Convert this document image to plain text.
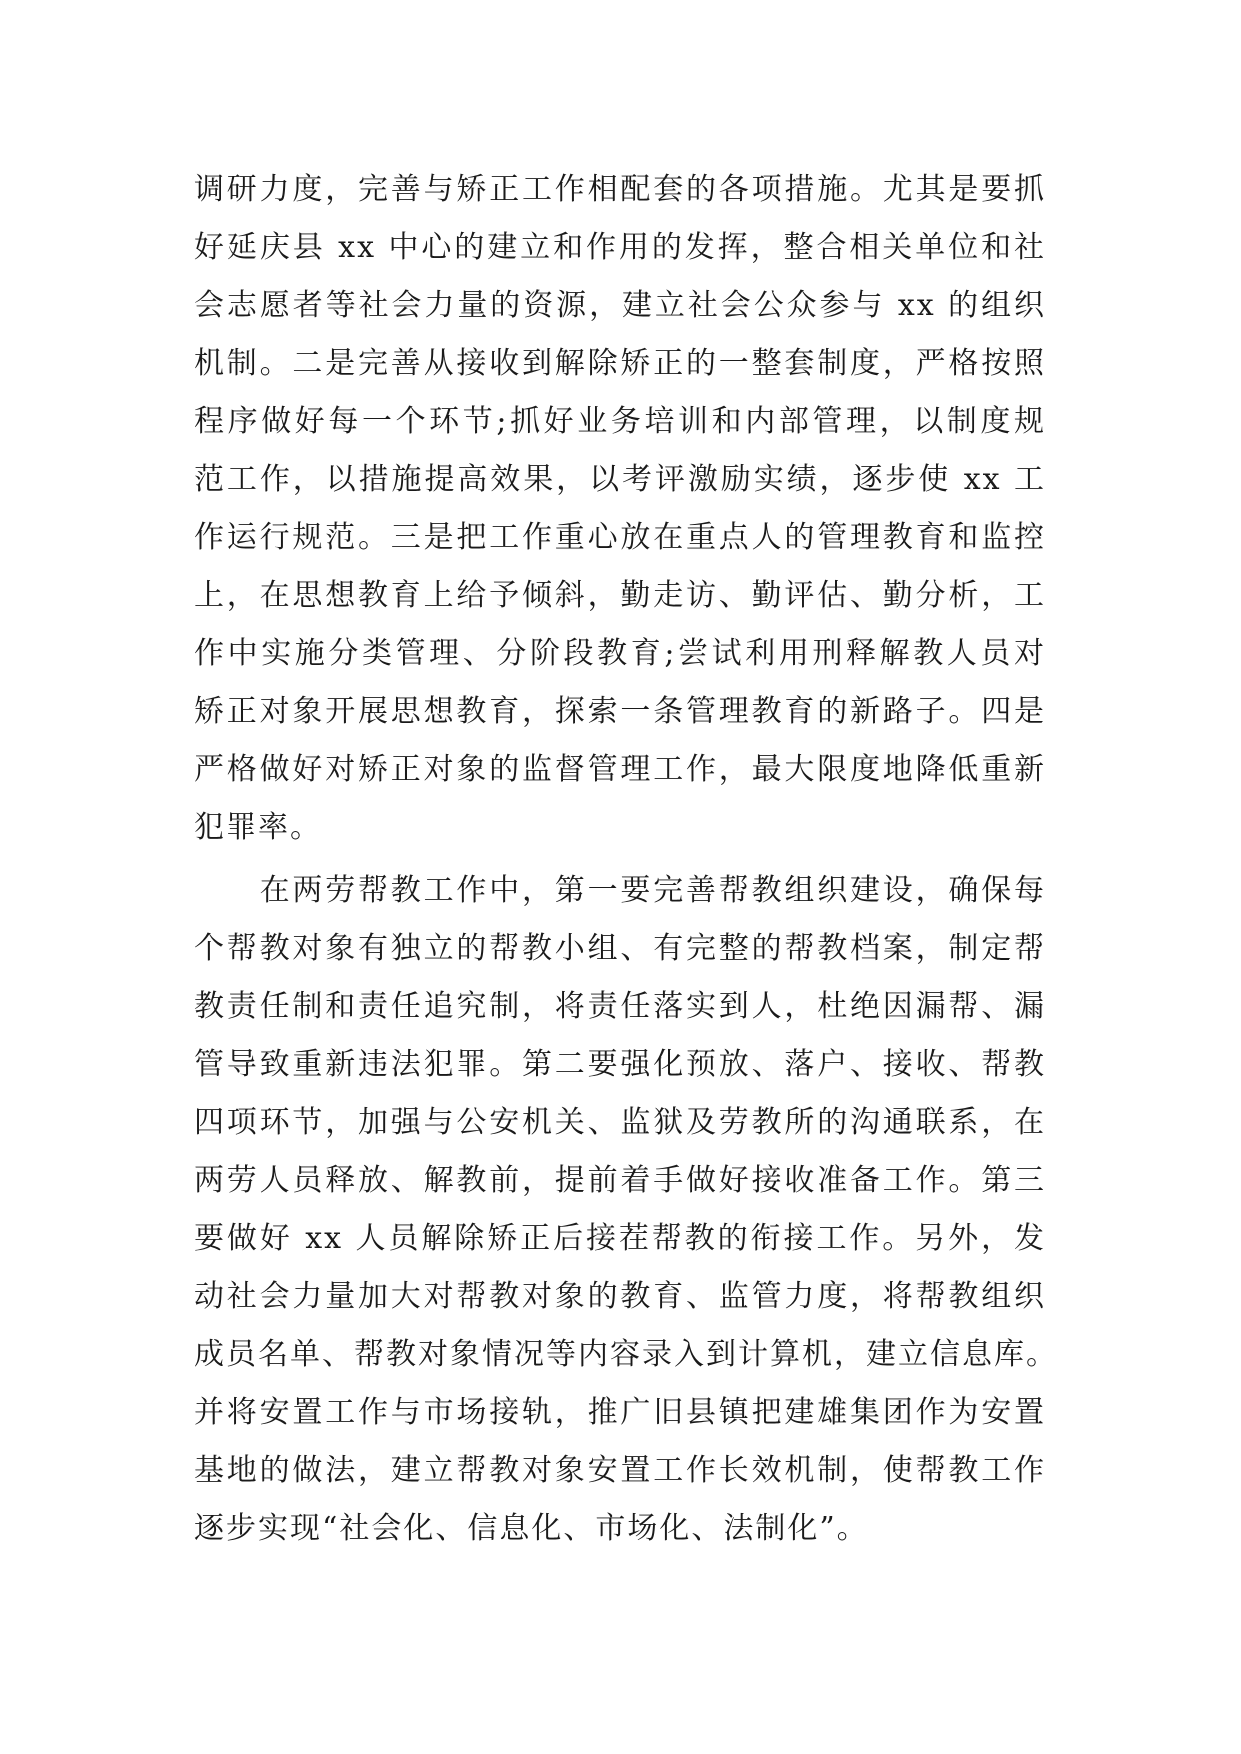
调研力度，完善与矫正工作相配套的各项措施。尤其是要抓
好延庆县 xx 中心的建立和作用的发挥，整合相关单位和社
会志愿者等社会力量的资源，建立社会公众参与 xx 的组织
机制。二是完善从接收到解除矫正的一整套制度，严格按照
程序做好每一个环节;抓好业务培训和内部管理，以制度规
范工作，以措施提高效果，以考评激励实绩，逐步使 xx 工
作运行规范。三是把工作重心放在重点人的管理教育和监控
上，在思想教育上给予倾斜，勤走访、勤评估、勤分析，工
作中实施分类管理、分阶段教育;尝试利用刑释解教人员对
矫正对象开展思想教育，探索一条管理教育的新路子。四是
严格做好对矫正对象的监督管理工作，最大限度地降低重新
犯罪率。
　　在两劳帮教工作中，第一要完善帮教组织建设，确保每
个帮教对象有独立的帮教小组、有完整的帮教档案，制定帮
教责任制和责任追究制，将责任落实到人，杜绝因漏帮、漏
管导致重新违法犯罪。第二要强化预放、落户、接收、帮教
四项环节，加强与公安机关、监狱及劳教所的沟通联系，在
两劳人员释放、解教前，提前着手做好接收准备工作。第三
要做好 xx 人员解除矫正后接茬帮教的衔接工作。另外，发
动社会力量加大对帮教对象的教育、监管力度，将帮教组织
成员名单、帮教对象情况等内容录入到计算机，建立信息库。
并将安置工作与市场接轨，推广旧县镇把建雄集团作为安置
基地的做法，建立帮教对象安置工作长效机制，使帮教工作
逐步实现“社会化、信息化、市场化、法制化”。
